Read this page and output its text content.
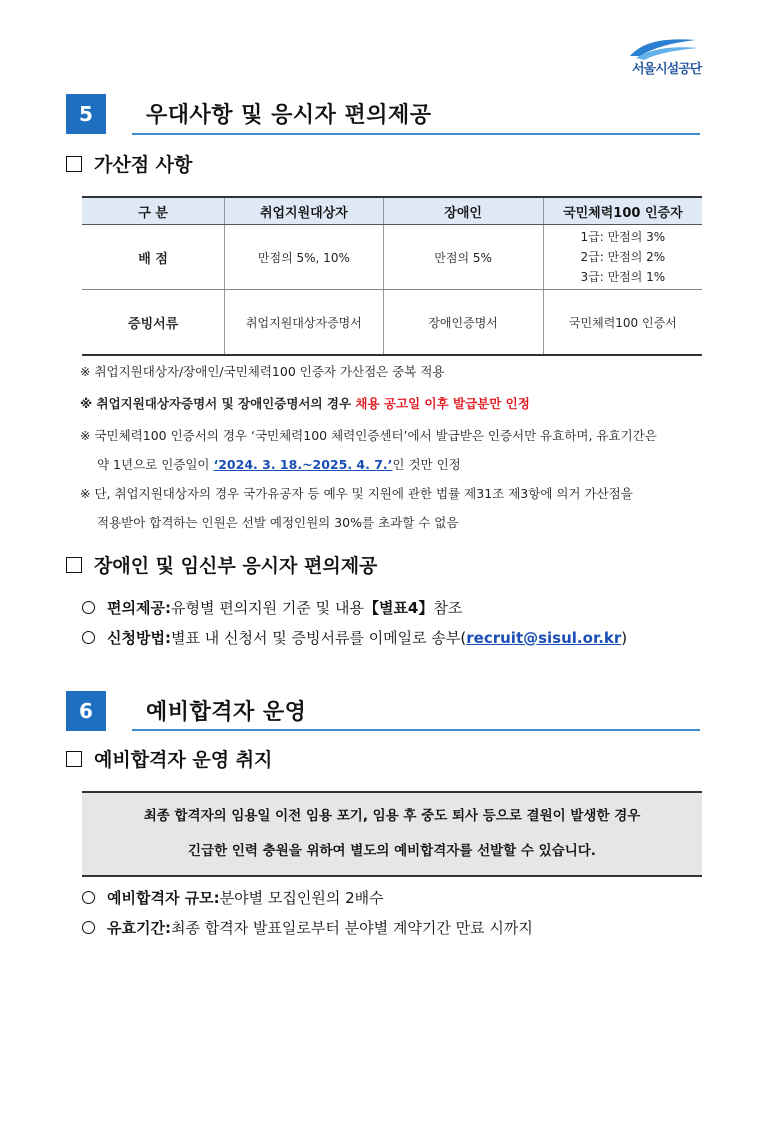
서울시설공단
5	우대사항 및 응시자 편의제공
가산점 사항
구 분	취업지원대상자	장애인	국민체력100 인증자
배 점	만점의 5%, 10%	만점의 5%	1급: 만점의 3%
2급: 만점의 2%
3급: 만점의 1%

증빙서류	취업지원대상자증명서	장애인증명서	국민체력100 인증서
※ 취업지원대상자/장애인/국민체력100 인증자 가산점은 중복 적용
※ 취업지원대상자증명서 및 장애인증명서의 경우 채용 공고일 이후 발급분만 인정
※ 국민체력100 인증서의 경우 ‘국민체력100 체력인증센터’에서 발급받은 인증서만 유효하며, 유효기간은
약 1년으로 인증일이 ‘2024. 3. 18.~2025. 4. 7.’인 것만 인정
※ 단, 취업지원대상자의 경우 국가유공자 등 예우 및 지원에 관한 법률 제31조 제3항에 의거 가산점을
적용받아 합격하는 인원은 선발 예정인원의 30%를 초과할 수 없음
장애인 및 임신부 응시자 편의제공
편의제공: 유형별 편의지원 기준 및 내용 【별표4】 참조
신청방법: 별표 내 신청서 및 증빙서류를 이메일로 송부( recruit@sisul.or.kr )
6	예비합격자 운영
예비합격자 운영 취지
최종 합격자의 임용일 이전 임용 포기, 임용 후 중도 퇴사 등으로 결원이 발생한 경우
긴급한 인력 충원을 위하여 별도의 예비합격자를 선발할 수 있습니다.
예비합격자 규모: 분야별 모집인원의 2배수
유효기간: 최종 합격자 발표일로부터 분야별 계약기간 만료 시까지
